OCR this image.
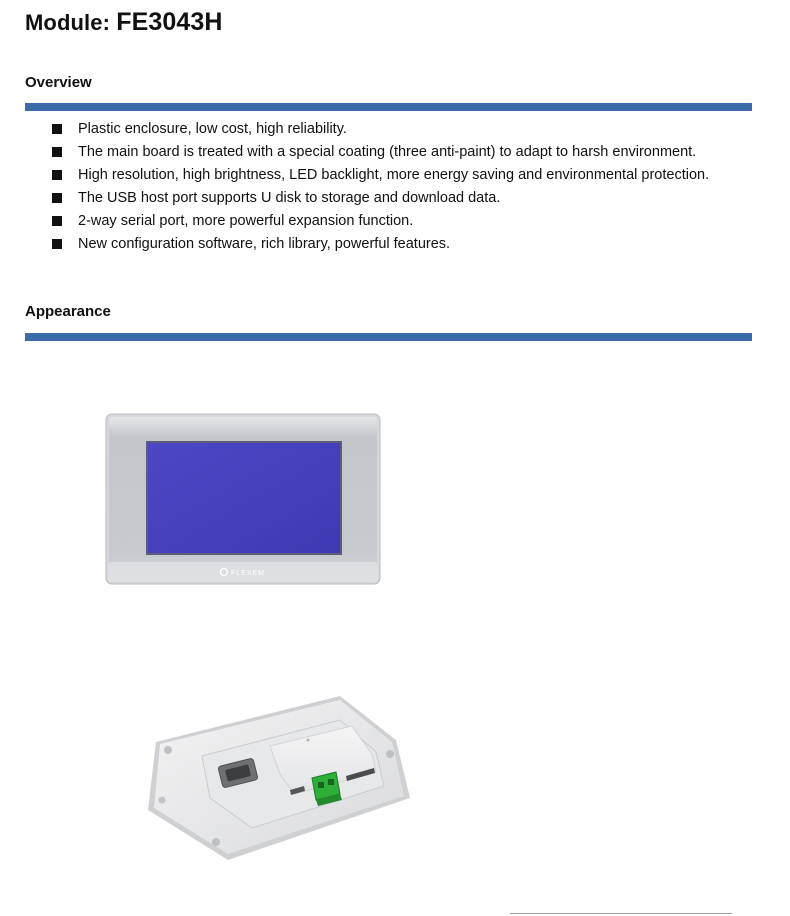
Module: FE3043H
Overview
Plastic enclosure, low cost, high reliability.
The main board is treated with a special coating (three anti-paint) to adapt to harsh environment.
High resolution, high brightness, LED backlight, more energy saving and environmental protection.
The USB host port supports U disk to storage and download data.
2-way serial port, more powerful expansion function.
New configuration software, rich library, powerful features.
Appearance
FLEXEM
